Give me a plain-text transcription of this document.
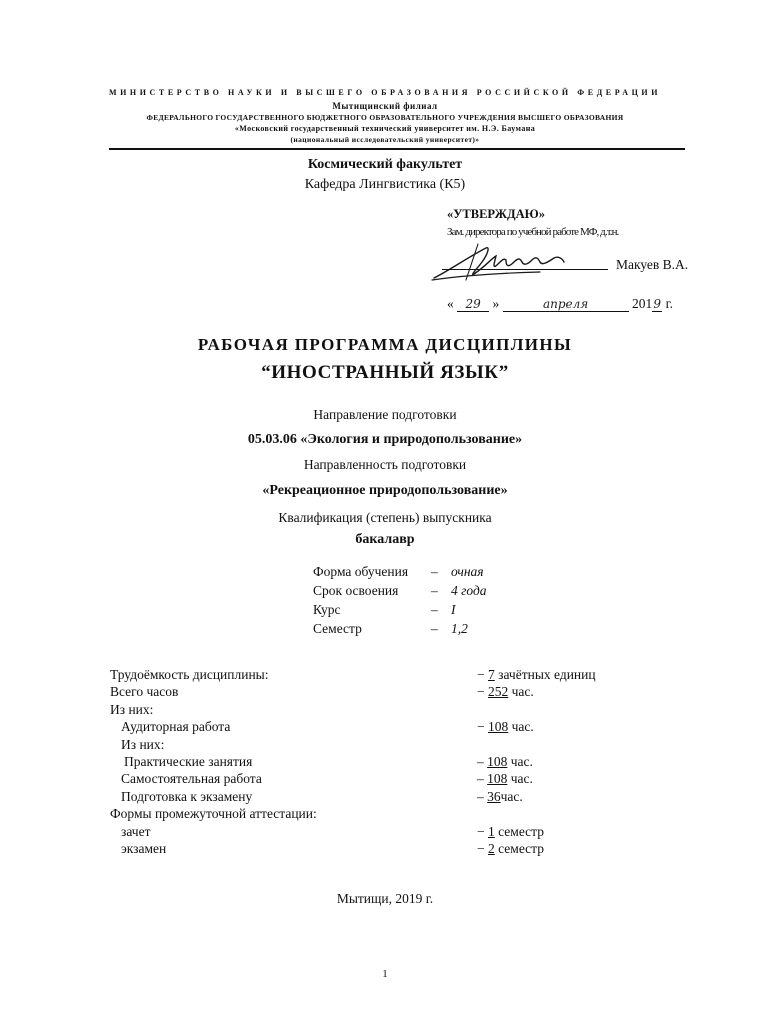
МИНИСТЕРСТВО НАУКИ И ВЫСШЕГО ОБРАЗОВАНИЯ РОССИЙСКОЙ ФЕДЕРАЦИИ
Мытищинский филиал
ФЕДЕРАЛЬНОГО ГОСУДАРСТВЕННОГО БЮДЖЕТНОГО ОБРАЗОВАТЕЛЬНОГО УЧРЕЖДЕНИЯ ВЫСШЕГО ОБРАЗОВАНИЯ
«Московский государственный технический университет им. Н.Э. Баумана
(национальный исследовательский университет)»
Космический факультет
Кафедра Лингвистика (К5)
«УТВЕРЖДАЮ»
Зам. директора по учебной работе МФ, д.т.н.
Макуев В.А.
« 29 »	апреля	2019 г.
РАБОЧАЯ ПРОГРАММА ДИСЦИПЛИНЫ
“ИНОСТРАННЫЙ ЯЗЫК”
Направление подготовки
05.03.06 «Экология и природопользование»
Направленность подготовки
«Рекреационное природопользование»
Квалификация (степень) выпускника
бакалавр
Форма обучения – очная
Срок освоения – 4 года
Курс	– I
Семестр	– 1,2
Трудоёмкость дисциплины:	− 7 зачётных единиц
Всего часов	− 252 час.
Из них:
Аудиторная работа	− 108 час.
Из них:
Практические занятия	– 108 час.
Самостоятельная работа	– 108 час.
Подготовка к экзамену	– 36час.
Формы промежуточной аттестации:
зачет	− 1 семестр
экзамен	− 2 семестр
Мытищи, 2019 г.
1
